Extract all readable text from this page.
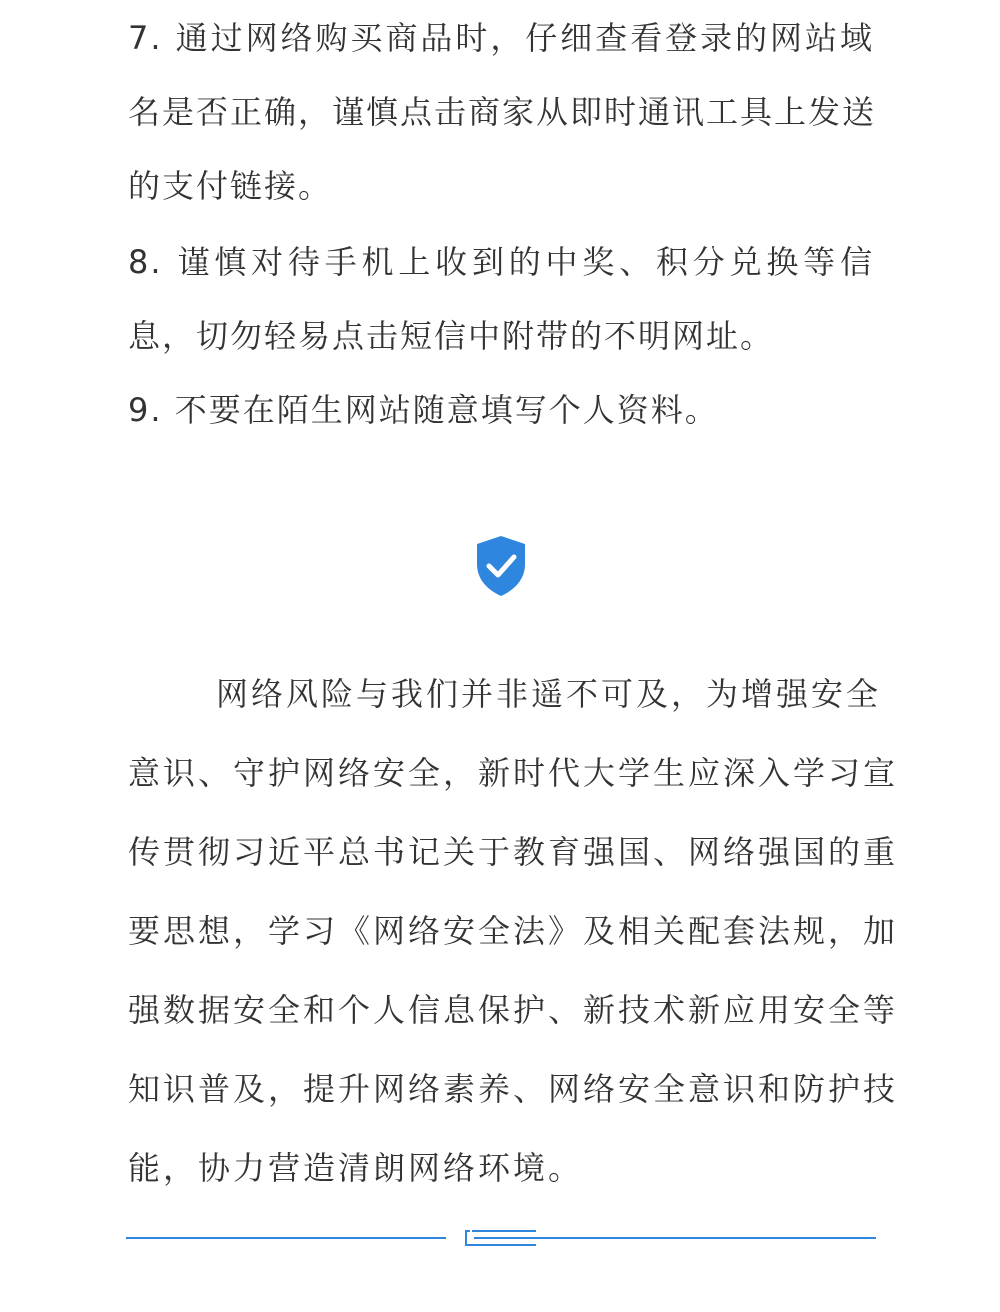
7. 通过网络购买商品时，仔细查看登录的网站域
名是否正确，谨慎点击商家从即时通讯工具上发送
的支付链接。
8. 谨慎对待手机上收到的中奖、积分兑换等信
息，切勿轻易点击短信中附带的不明网址。
9. 不要在陌生网站随意填写个人资料。
网络风险与我们并非遥不可及，为增强安全
意识、守护网络安全，新时代大学生应深入学习宣
传贯彻习近平总书记关于教育强国、网络强国的重
要思想，学习《网络安全法》及相关配套法规，加
强数据安全和个人信息保护、新技术新应用安全等
知识普及，提升网络素养、网络安全意识和防护技
能，协力营造清朗网络环境。
